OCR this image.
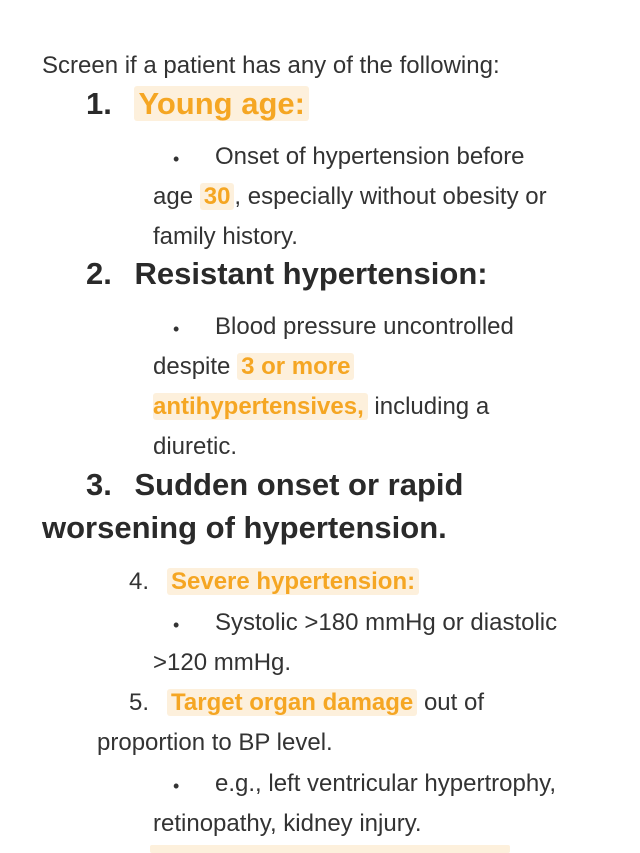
Screen if a patient has any of the following:
1. Young age:
• Onset of hypertension before
age 30 , especially without obesity or
family history.
2. Resistant hypertension:
• Blood pressure uncontrolled
despite 3 or more
antihypertensives, including a
diuretic.
3. Sudden onset or rapid
worsening of hypertension.
4. Severe hypertension:
• Systolic >180 mmHg or diastolic
>120 mmHg.
5. Target organ damage out of
proportion to BP level.
• e.g., left ventricular hypertrophy,
retinopathy, kidney injury.
